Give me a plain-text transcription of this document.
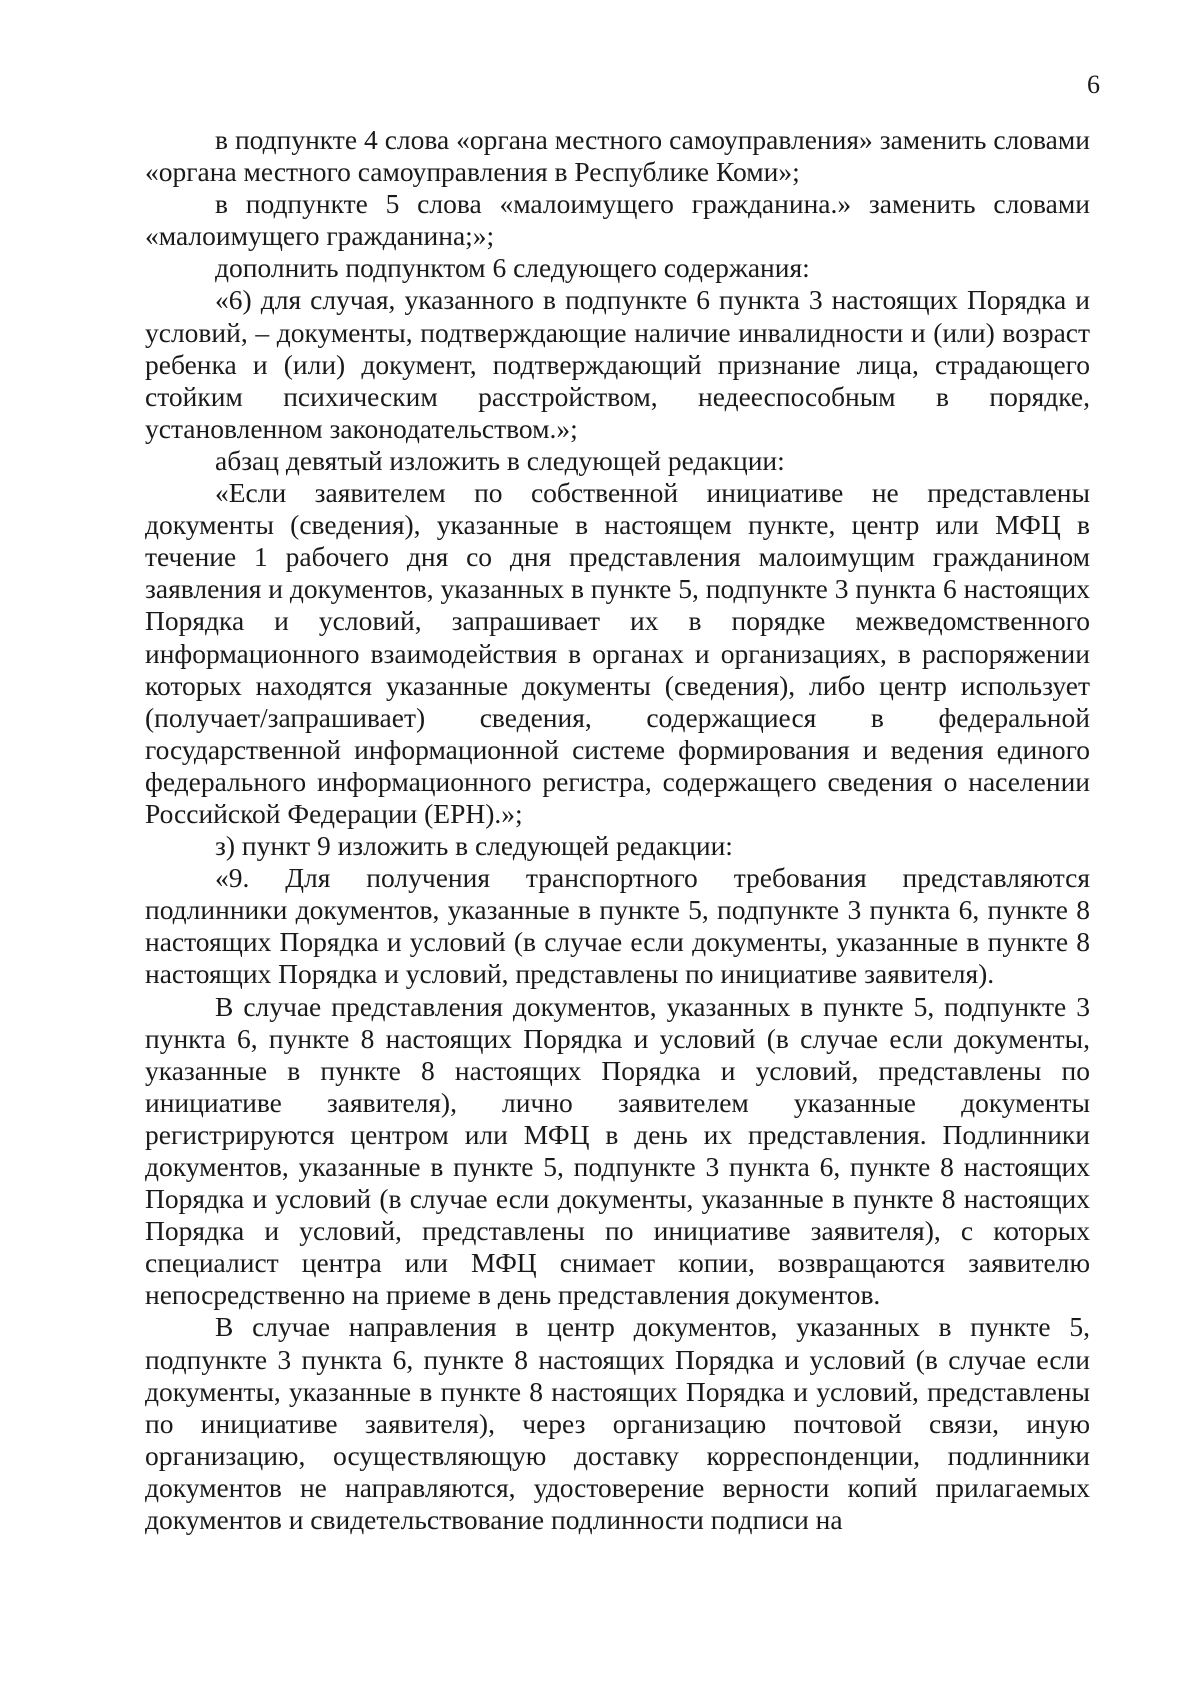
6

в подпункте 4 слова «органа местного самоуправления» заменить словами «органа местного самоуправления в Республике Коми»;

в подпункте 5 слова «малоимущего гражданина.» заменить словами «малоимущего гражданина;»;

дополнить подпунктом 6 следующего содержания:

«6) для случая, указанного в подпункте 6 пункта 3 настоящих Порядка и условий, – документы, подтверждающие наличие инвалидности и (или) возраст ребенка и (или) документ, подтверждающий признание лица, страдающего стойким психическим расстройством, недееспособным в порядке, установленном законодательством.»;

абзац девятый изложить в следующей редакции:

«Если заявителем по собственной инициативе не представлены документы (сведения), указанные в настоящем пункте, центр или МФЦ в течение 1 рабочего дня со дня представления малоимущим гражданином заявления и документов, указанных в пункте 5, подпункте 3 пункта 6 настоящих Порядка и условий, запрашивает их в порядке межведомственного информационного взаимодействия в органах и организациях, в распоряжении которых находятся указанные документы (сведения), либо центр использует (получает/запрашивает) сведения, содержащиеся в федеральной государственной информационной системе формирования и ведения единого федерального информационного регистра, содержащего сведения о населении Российской Федерации (ЕРН).»;

з) пункт 9 изложить в следующей редакции:

«9. Для получения транспортного требования представляются подлинники документов, указанные в пункте 5, подпункте 3 пункта 6, пункте 8 настоящих Порядка и условий (в случае если документы, указанные в пункте 8 настоящих Порядка и условий, представлены по инициативе заявителя).

В случае представления документов, указанных в пункте 5, подпункте 3 пункта 6, пункте 8 настоящих Порядка и условий (в случае если документы, указанные в пункте 8 настоящих Порядка и условий, представлены по инициативе заявителя), лично заявителем указанные документы регистрируются центром или МФЦ в день их представления. Подлинники документов, указанные в пункте 5, подпункте 3 пункта 6, пункте 8 настоящих Порядка и условий (в случае если документы, указанные в пункте 8 настоящих Порядка и условий, представлены по инициативе заявителя), с которых специалист центра или МФЦ снимает копии, возвращаются заявителю непосредственно на приеме в день представления документов.

В случае направления в центр документов, указанных в пункте 5, подпункте 3 пункта 6, пункте 8 настоящих Порядка и условий (в случае если документы, указанные в пункте 8 настоящих Порядка и условий, представлены по инициативе заявителя), через организацию почтовой связи, иную организацию, осуществляющую доставку корреспонденции, подлинники документов не направляются, удостоверение верности копий прилагаемых документов и свидетельствование подлинности подписи на
